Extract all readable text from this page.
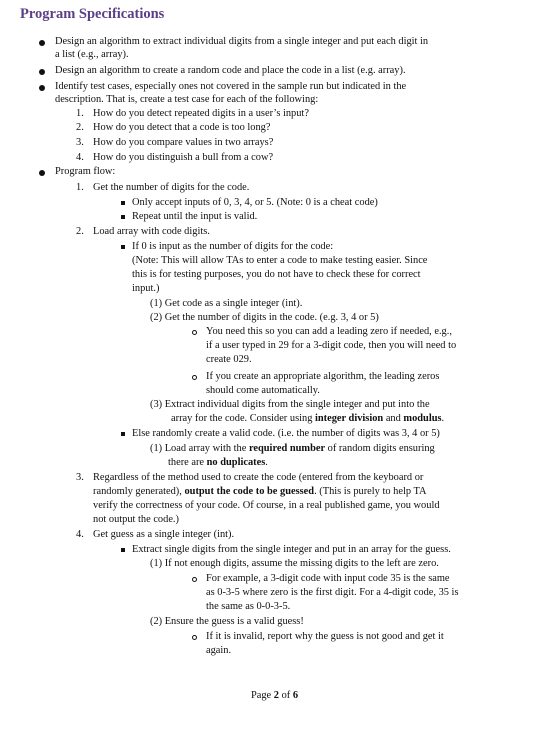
Program Specifications
Design an algorithm to extract individual digits from a single integer and put each digit in
a list (e.g., array).
Design an algorithm to create a random code and place the code in a list (e.g. array).
Identify test cases, especially ones not covered in the sample run but indicated in the
description. That is, create a test case for each of the following:
1. How do you detect repeated digits in a user’s input?
2. How do you detect that a code is too long?
3. How do you compare values in two arrays?
4. How do you distinguish a bull from a cow?
Program flow:
1. Get the number of digits for the code.
Only accept inputs of 0, 3, 4, or 5. (Note: 0 is a cheat code)
Repeat until the input is valid.
2. Load array with code digits.
If 0 is input as the number of digits for the code:
(Note: This will allow TAs to enter a code to make testing easier. Since
this is for testing purposes, you do not have to check these for correct
input.)
(1) Get code as a single integer (int).
(2) Get the number of digits in the code. (e.g. 3, 4 or 5)
You need this so you can add a leading zero if needed, e.g.,
if a user typed in 29 for a 3-digit code, then you will need to
create 029.
If you create an appropriate algorithm, the leading zeros
should come automatically.
(3) Extract individual digits from the single integer and put into the
array for the code. Consider using integer division and modulus.
Else randomly create a valid code. (i.e. the number of digits was 3, 4 or 5)
(1) Load array with the required number of random digits ensuring
there are no duplicates.
3. Regardless of the method used to create the code (entered from the keyboard or
randomly generated), output the code to be guessed. (This is purely to help TA
verify the correctness of your code. Of course, in a real published game, you would
not output the code.)
4. Get guess as a single integer (int).
Extract single digits from the single integer and put in an array for the guess.
(1) If not enough digits, assume the missing digits to the left are zero.
For example, a 3-digit code with input code 35 is the same
as 0-3-5 where zero is the first digit. For a 4-digit code, 35 is
the same as 0-0-3-5.
(2) Ensure the guess is a valid guess!
If it is invalid, report why the guess is not good and get it
again.
Page 2 of 6
